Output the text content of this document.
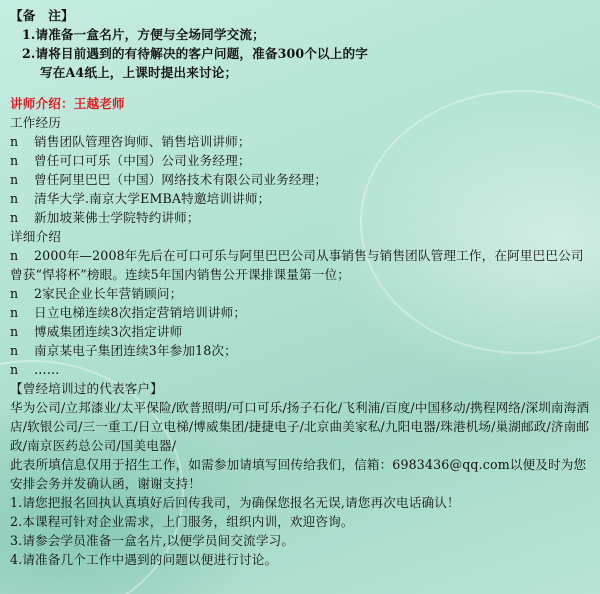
【备　注】
1.请准备一盒名片，方便与全场同学交流；
2.请将目前遇到的有待解决的客户问题，准备300个以上的字
写在A4纸上，上课时提出来讨论；
讲师介绍：王越老师
工作经历
n 销售团队管理咨询师、销售培训讲师；
n 曾任可口可乐（中国）公司业务经理；
n 曾任阿里巴巴（中国）网络技术有限公司业务经理；
n 清华大学.南京大学EMBA特邀培训讲师；
n 新加坡莱佛士学院特约讲师；
详细介绍
n 2000年—2008年先后在可口可乐与阿里巴巴公司从事销售与销售团队管理工作，在阿里巴巴公司曾获“悍将杯”榜眼。连续5年国内销售公开课排课量第一位；
n 2家民企业长年营销顾问；
n 日立电梯连续8次指定营销培训讲师；
n 博威集团连续3次指定讲师
n 南京某电子集团连续3年参加18次；
n ……
【曾经培训过的代表客户】
华为公司/立邦漆业/太平保险/欧普照明/可口可乐/扬子石化/飞利浦/百度/中国移动/携程网络/深圳南海酒店/软银公司/三一重工/日立电梯/博威集团/捷捷电子/北京曲美家私/九阳电器/珠港机场/巢湖邮政/济南邮政/南京医药总公司/国美电器/
此表所填信息仅用于招生工作，如需参加请填写回传给我们，信箱：6983436@qq.com以便及时为您安排会务并发确认函，谢谢支持！
1.请您把报名回执认真填好后回传我司，为确保您报名无误,请您再次电话确认！
2.本课程可针对企业需求，上门服务，组织内训，欢迎咨询。
3.请参会学员准备一盒名片,以便学员间交流学习。
4.请准备几个工作中遇到的问题以便进行讨论。
